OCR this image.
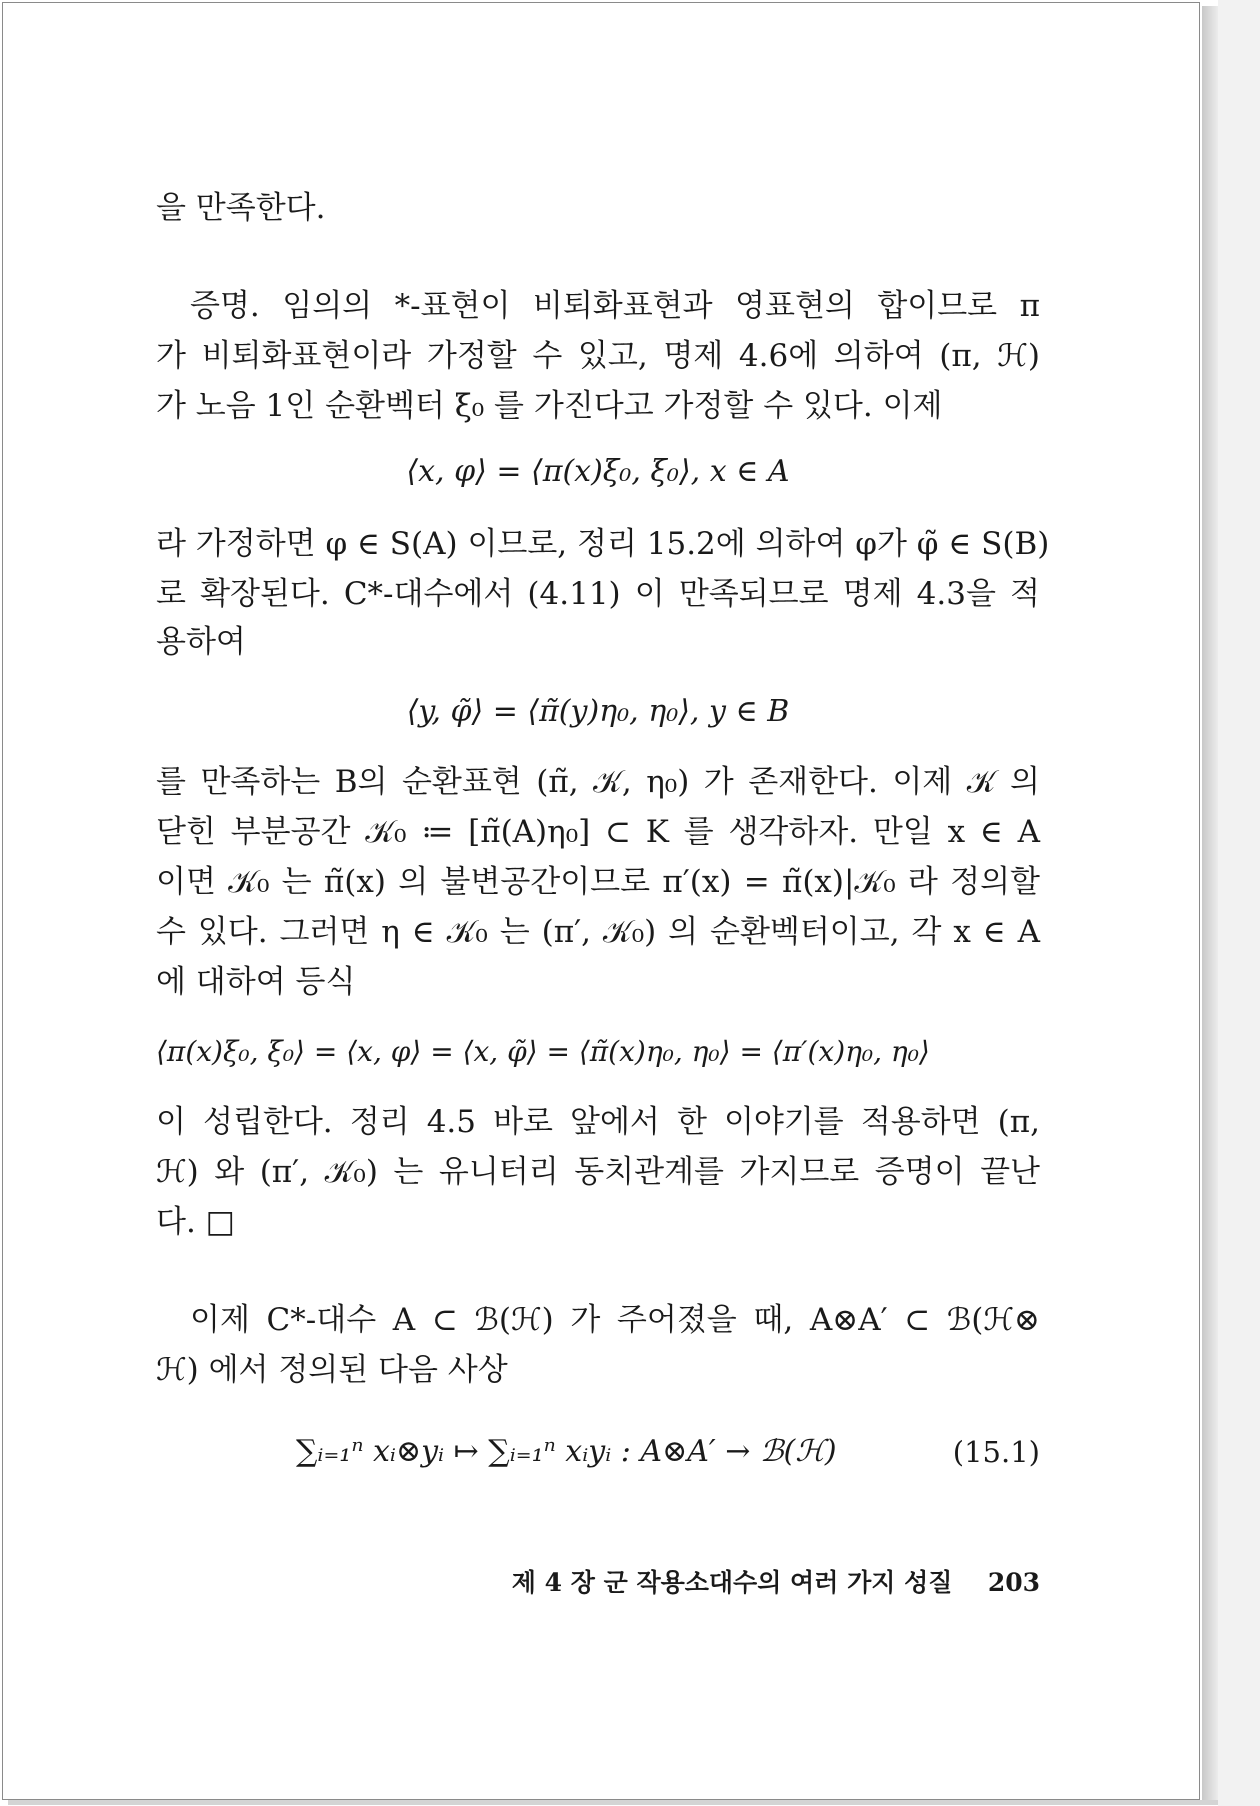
을 만족한다.
증명. 임의의 *-표현이 비퇴화표현과 영표현의 합이므로 π
가 비퇴화표현이라 가정할 수 있고, 명제 4.6에 의하여 (π, ℋ)
가 노음 1인 순환벡터 ξ₀ 를 가진다고 가정할 수 있다. 이제
⟨x, φ⟩ = ⟨π(x)ξ₀, ξ₀⟩, x ∈ A
라 가정하면 φ ∈ S(A) 이므로, 정리 15.2에 의하여 φ가 φ̃ ∈ S(B)
로 확장된다. C*-대수에서 (4.11) 이 만족되므로 명제 4.3을 적
용하여
⟨y, φ̃⟩ = ⟨π̃(y)η₀, η₀⟩, y ∈ B
를 만족하는 B의 순환표현 (π̃, 𝒦, η₀) 가 존재한다. 이제 𝒦 의
닫힌 부분공간 𝒦₀ ≔ [π̃(A)η₀] ⊂ K 를 생각하자. 만일 x ∈ A
이면 𝒦₀ 는 π̃(x) 의 불변공간이므로 π′(x) = π̃(x)|𝒦₀ 라 정의할
수 있다. 그러면 η ∈ 𝒦₀ 는 (π′, 𝒦₀) 의 순환벡터이고, 각 x ∈ A
에 대하여 등식
⟨π(x)ξ₀, ξ₀⟩ = ⟨x, φ⟩ = ⟨x, φ̃⟩ = ⟨π̃(x)η₀, η₀⟩ = ⟨π′(x)η₀, η₀⟩
이 성립한다. 정리 4.5 바로 앞에서 한 이야기를 적용하면 (π,
ℋ) 와 (π′, 𝒦₀) 는 유니터리 동치관계를 가지므로 증명이 끝난
다. □
이제 C*-대수 A ⊂ ℬ(ℋ) 가 주어졌을 때, A⊗A′ ⊂ ℬ(ℋ⊗
ℋ) 에서 정의된 다음 사상
∑ᵢ₌₁ⁿ xᵢ⊗yᵢ ↦ ∑ᵢ₌₁ⁿ xᵢyᵢ : A⊗A′ → ℬ(ℋ)	(15.1)
제 4 장 군 작용소대수의 여러 가지 성질 203
